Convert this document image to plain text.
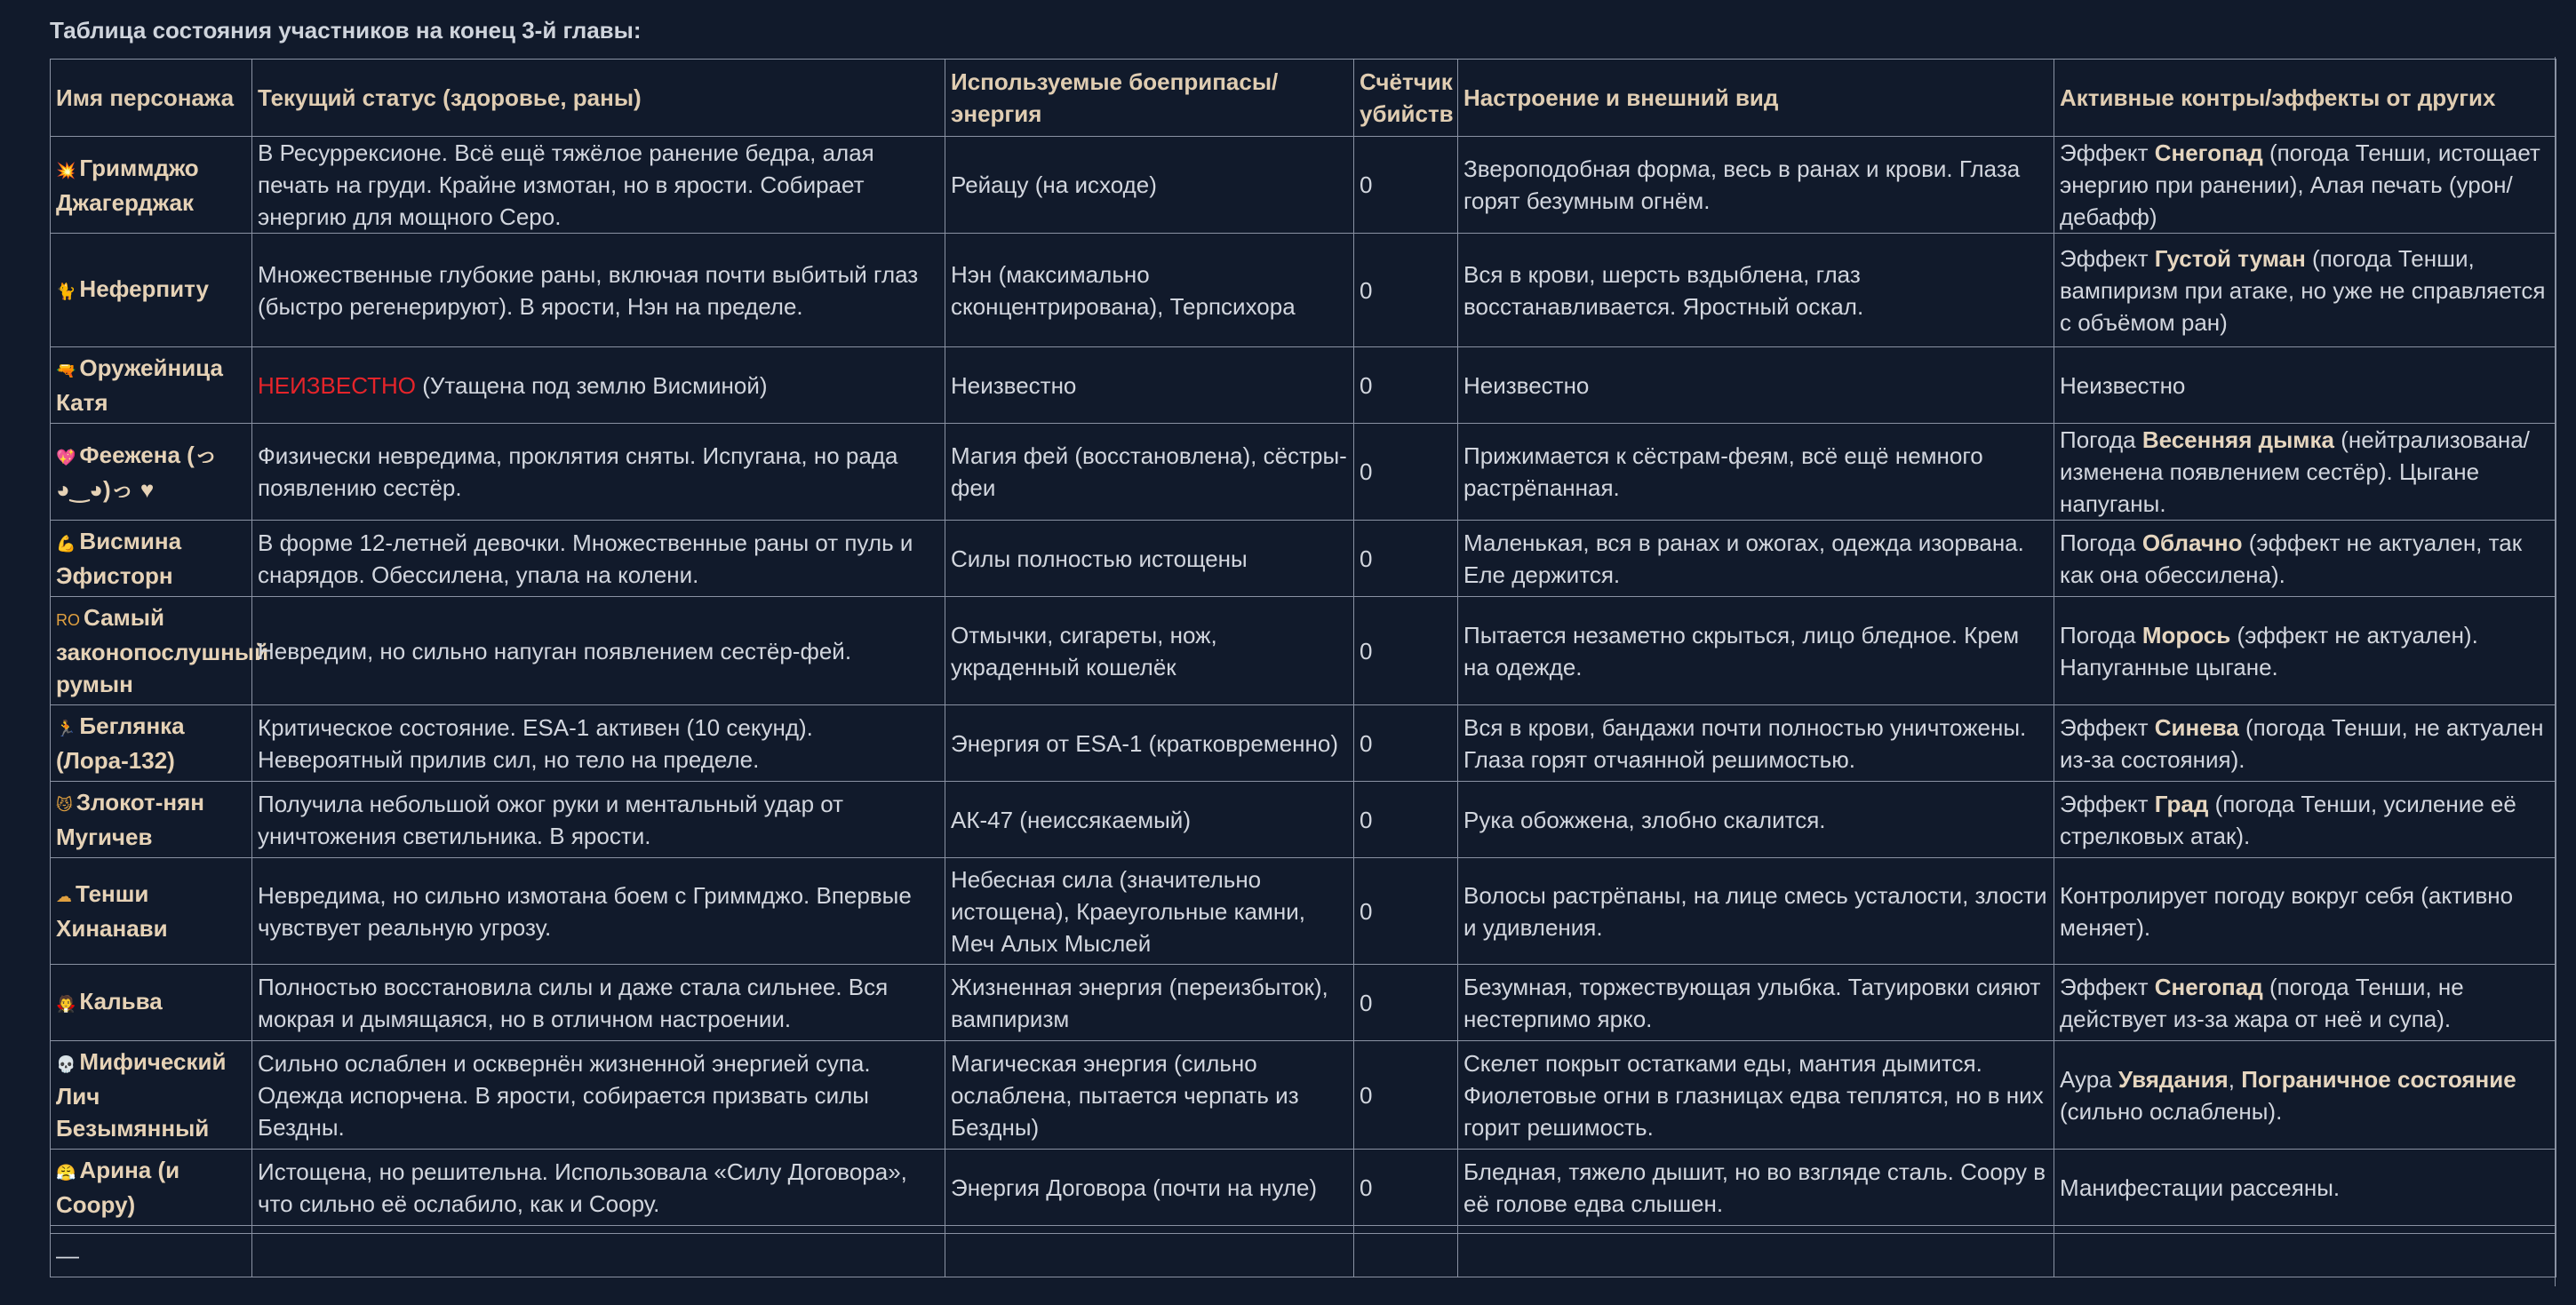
Таблица состояния участников на конец 3-й главы:
Имя персонажа	Текущий статус (здоровье, раны)	Используемые боеприпасы/ энергия	Счётчик убийств	Настроение и внешний вид	Активные контры/эффекты от других
💥 Гриммджо Джагерджак	В Ресуррексионе. Всё ещё тяжёлое ранение бедра, алая печать на груди. Крайне измотан, но в ярости. Собирает энергию для мощного Серо.	Рейацу (на исходе)	0	Звероподобная форма, весь в ранах и крови. Глаза горят безумным огнём.	Эффект Снегопад (погода Тенши, истощает энергию при ранении), Алая печать (урон/дебафф)
🐈 Неферпиту	Множественные глубокие раны, включая почти выбитый глаз (быстро регенерируют). В ярости, Нэн на пределе.	Нэн (максимально сконцентрирована), Терпсихора	0	Вся в крови, шерсть вздыблена, глаз восстанавливается. Яростный оскал.	Эффект Густой туман (погода Тенши, вампиризм при атаке, но уже не справляется с объёмом ран)
🔫 Оружейница Катя	НЕИЗВЕСТНО (Утащена под землю Висминой)	Неизвестно	0	Неизвестно	Неизвестно
💖 Феежена (っ◕‿◕)っ ♥	Физически невредима, проклятия сняты. Испугана, но рада появлению сестёр.	Магия фей (восстановлена), сёстры-феи	0	Прижимается к сёстрам-феям, всё ещё немного растрёпанная.	Погода Весенняя дымка (нейтрализована/изменена появлением сестёр). Цыгане напуганы.
💪 Висмина Эфисторн	В форме 12-летней девочки. Множественные раны от пуль и снарядов. Обессилена, упала на колени.	Силы полностью истощены	0	Маленькая, вся в ранах и ожогах, одежда изорвана. Еле держится.	Погода Облачно (эффект не актуален, так как она обессилена).
RO Самый законопослушный румын	Невредим, но сильно напуган появлением сестёр-фей.	Отмычки, сигареты, нож, украденный кошелёк	0	Пытается незаметно скрыться, лицо бледное. Крем на одежде.	Погода Морось (эффект не актуален). Напуганные цыгане.
🏃 Беглянка (Лора-132)	Критическое состояние. ESA-1 активен (10 секунд). Невероятный прилив сил, но тело на пределе.	Энергия от ESA-1 (кратковременно)	0	Вся в крови, бандажи почти полностью уничтожены. Глаза горят отчаянной решимостью.	Эффект Синева (погода Тенши, не актуален из-за состояния).
😼 Злокот-нян Мугичев	Получила небольшой ожог руки и ментальный удар от уничтожения светильника. В ярости.	АК-47 (неиссякаемый)	0	Рука обожжена, злобно скалится.	Эффект Град (погода Тенши, усиление её стрелковых атак).
☁ Тенши Хинанави	Невредима, но сильно измотана боем с Гриммджо. Впервые чувствует реальную угрозу.	Небесная сила (значительно истощена), Краеугольные камни, Меч Алых Мыслей	0	Волосы растрёпаны, на лице смесь усталости, злости и удивления.	Контролирует погоду вокруг себя (активно меняет).
🧛 Кальва	Полностью восстановила силы и даже стала сильнее. Вся мокрая и дымящаяся, но в отличном настроении.	Жизненная энергия (переизбыток), вампиризм	0	Безумная, торжествующая улыбка. Татуировки сияют нестерпимо ярко.	Эффект Снегопад (погода Тенши, не действует из-за жара от неё и супа).
💀 Мифический Лич Безымянный	Сильно ослаблен и осквернён жизненной энергией супа. Одежда испорчена. В ярости, собирается призвать силы Бездны.	Магическая энергия (сильно ослаблена, пытается черпать из Бездны)	0	Скелет покрыт остатками еды, мантия дымится. Фиолетовые огни в глазницах едва теплятся, но в них горит решимость.	Аура Увядания, Пограничное состояние (сильно ослаблены).
😤 Арина (и Соору)	Истощена, но решительна. Использовала «Силу Договора», что сильно её ослабило, как и Соору.	Энергия Договора (почти на нуле)	0	Бледная, тяжело дышит, но во взгляде сталь. Соору в её голове едва слышен.	Манифестации рассеяны.

—					
